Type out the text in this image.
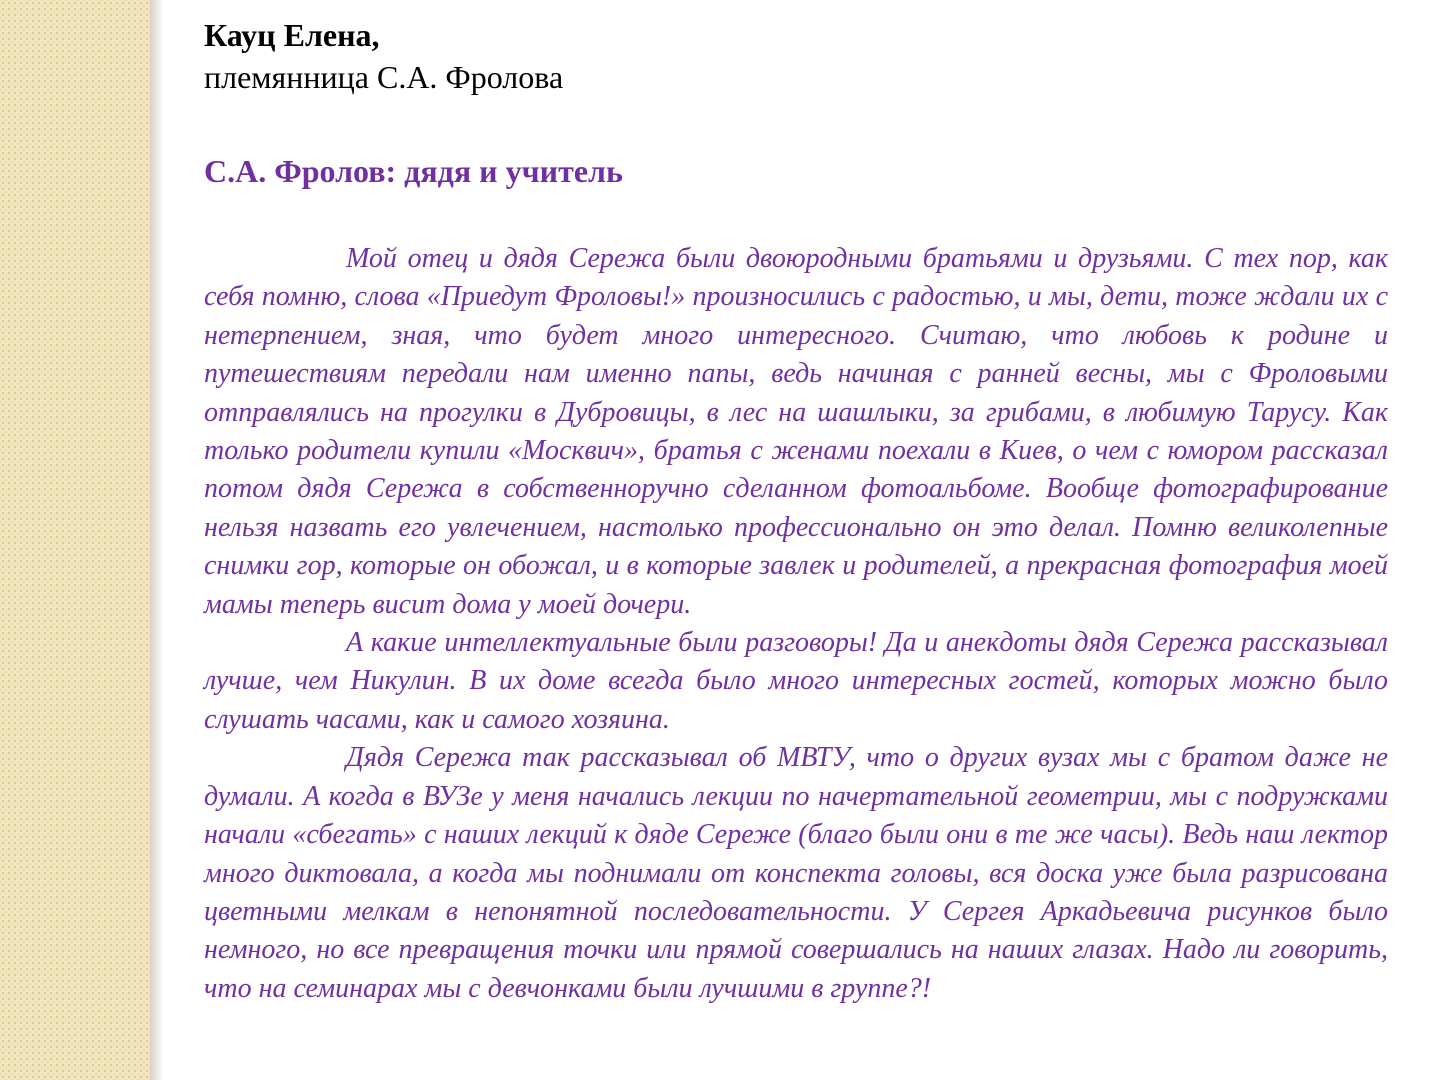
Кауц Елена,
племянница С.А. Фролова
С.А. Фролов: дядя и учитель

Мой отец и дядя Сережа были двоюродными братьями и друзьями. С тех пор, как себя помню, слова «Приедут Фроловы!» произносились с радостью, и мы, дети, тоже ждали их с нетерпением, зная, что будет много интересного. Считаю, что любовь к родине и путешествиям передали нам именно папы, ведь начиная с ранней весны, мы с Фроловыми отправлялись на прогулки в Дубровицы, в лес на шашлыки, за грибами, в любимую Тарусу. Как только родители купили «Москвич», братья с женами поехали в Киев, о чем с юмором рассказал потом дядя Сережа в собственноручно сделанном фотоальбоме. Вообще фотографирование нельзя назвать его увлечением, настолько профессионально он это делал. Помню великолепные снимки гор, которые он обожал, и в которые завлек и родителей, а прекрасная фотография моей мамы теперь висит дома у моей дочери.

А какие интеллектуальные были разговоры! Да и анекдоты дядя Сережа рассказывал лучше, чем Никулин. В их доме всегда было много интересных гостей, которых можно было слушать часами, как и самого хозяина.

Дядя Сережа так рассказывал об МВТУ, что о других вузах мы с братом даже не думали. А когда в ВУЗе у меня начались лекции по начертательной геометрии, мы с подружками начали «сбегать» с наших лекций к дяде Сереже (благо были они в те же часы). Ведь наш лектор много диктовала, а когда мы поднимали от конспекта головы, вся доска уже была разрисована цветными мелкам в непонятной последовательности. У Сергея Аркадьевича рисунков было немного, но все превращения точки или прямой совершались на наших глазах. Надо ли говорить, что на семинарах мы с девчонками были лучшими в группе?!
